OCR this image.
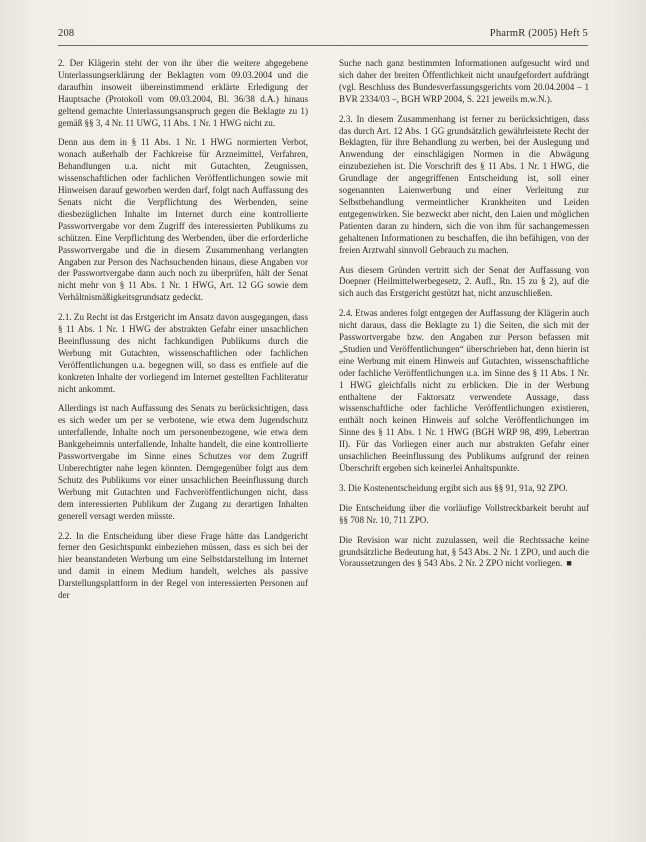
208	PharmR (2005) Heft 5

2. Der Klägerin steht der von ihr über die weitere abgegebene Unterlassungserklärung der Beklagten vom 09.03.2004 und die daraufhin insoweit übereinstimmend erklärte Erledigung der Hauptsache (Protokoll vom 09.03.2004, Bl. 36/38 d.A.) hinaus geltend gemachte Unterlassungsanspruch gegen die Beklagte zu 1) gemäß §§ 3, 4 Nr. 11 UWG, 11 Abs. 1 Nr. 1 HWG nicht zu.

Denn aus dem in § 11 Abs. 1 Nr. 1 HWG normierten Verbot, wonach außerhalb der Fachkreise für Arzneimittel, Verfahren, Behandlungen u.a. nicht mit Gutachten, Zeugnissen, wissenschaftlichen oder fachlichen Veröffentlichungen sowie mit Hinweisen darauf geworben werden darf, folgt nach Auffassung des Senats nicht die Verpflichtung des Werbenden, seine diesbezüglichen Inhalte im Internet durch eine kontrollierte Passwortvergabe vor dem Zugriff des interessierten Publikums zu schützen. Eine Verpflichtung des Werbenden, über die erforderliche Passwortvergabe und die in diesem Zusammenhang verlangten Angaben zur Person des Nachsuchenden hinaus, diese Angaben vor der Passwortvergabe dann auch noch zu überprüfen, hält der Senat nicht mehr von § 11 Abs. 1 Nr. 1 HWG, Art. 12 GG sowie dem Verhältnismäßigkeitsgrundsatz gedeckt.

2.1. Zu Recht ist das Erstgericht im Ansatz davon ausgegangen, dass § 11 Abs. 1 Nr. 1 HWG der abstrakten Gefahr einer unsachlichen Beeinflussung des nicht fachkundigen Publikums durch die Werbung mit Gutachten, wissenschaftlichen oder fachlichen Veröffentlichungen u.a. begegnen will, so dass es entfiele auf die konkreten Inhalte der vorliegend im Internet gestellten Fachliteratur nicht ankommt.

Allerdings ist nach Auffassung des Senats zu berücksichtigen, dass es sich weder um per se verbotene, wie etwa dem Jugendschutz unterfallende, Inhalte noch um personenbezogene, wie etwa dem Bankgeheimnis unterfallende, Inhalte handelt, die eine kontrollierte Passwortvergabe im Sinne eines Schutzes vor dem Zugriff Unberechtigter nahe legen könnten. Demgegenüber folgt aus dem Schutz des Publikums vor einer unsachlichen Beeinflussung durch Werbung mit Gutachten und Fachveröffentlichungen nicht, dass dem interessierten Publikum der Zugang zu derartigen Inhalten generell versagt werden müsste.

2.2. In die Entscheidung über diese Frage hätte das Landgericht ferner den Gesichtspunkt einbeziehen müssen, dass es sich bei der hier beanstandeten Werbung um eine Selbstdarstellung im Internet und damit in einem Medium handelt, welches als passive Darstellungsplattform in der Regel von interessierten Personen auf der

Suche nach ganz bestimmten Informationen aufgesucht wird und sich daher der breiten Öffentlichkeit nicht unaufgefordert aufdrängt (vgl. Beschluss des Bundesverfassungsgerichts vom 20.04.2004 – 1 BVR 2334/03 –, BGH WRP 2004, S. 221 jeweils m.w.N.).

2.3. In diesem Zusammenhang ist ferner zu berücksichtigen, dass das durch Art. 12 Abs. 1 GG grundsätzlich gewährleistete Recht der Beklagten, für ihre Behandlung zu werben, bei der Auslegung und Anwendung der einschlägigen Normen in die Abwägung einzubeziehen ist. Die Vorschrift des § 11 Abs. 1 Nr. 1 HWG, die Grundlage der angegriffenen Entscheidung ist, soll einer sogenannten Laienwerbung und einer Verleitung zur Selbstbehandlung vermeintlicher Krankheiten und Leiden entgegenwirken. Sie bezweckt aber nicht, den Laien und möglichen Patienten daran zu hindern, sich die von ihm für sachangemessen gehaltenen Informationen zu beschaffen, die ihn befähigen, von der freien Arztwahl sinnvoll Gebrauch zu machen.

Aus diesem Gründen vertritt sich der Senat der Auffassung von Doepner (Heilmittelwerbegesetz, 2. Aufl., Rn. 15 zu § 2), auf die sich auch das Erstgericht gestützt hat, nicht anzuschließen.

2.4. Etwas anderes folgt entgegen der Auffassung der Klägerin auch nicht daraus, dass die Beklagte zu 1) die Seiten, die sich mit der Passwortvergabe bzw. den Angaben zur Person befassen mit „Studien und Veröffentlichungen“ überschrieben hat, denn hierin ist eine Werbung mit einem Hinweis auf Gutachten, wissenschaftliche oder fachliche Veröffentlichungen u.a. im Sinne des § 11 Abs. 1 Nr. 1 HWG gleichfalls nicht zu erblicken. Die in der Werbung enthaltene der Faktorsatz verwendete Aussage, dass wissenschaftliche oder fachliche Veröffentlichungen existieren, enthält noch keinen Hinweis auf solche Veröffentlichungen im Sinne des § 11 Abs. 1 Nr. 1 HWG (BGH WRP 98, 499, Lebertran II). Für das Vorliegen einer auch nur abstrakten Gefahr einer unsachlichen Beeinflussung des Publikums aufgrund der reinen Überschrift ergeben sich keinerlei Anhaltspunkte.

3. Die Kostenentscheidung ergibt sich aus §§ 91, 91a, 92 ZPO.

Die Entscheidung über die vorläufige Vollstreckbarkeit beruht auf §§ 708 Nr. 10, 711 ZPO.

Die Revision war nicht zuzulassen, weil die Rechtssache keine grundsätzliche Bedeutung hat, § 543 Abs. 2 Nr. 1 ZPO, und auch die Voraussetzungen des § 543 Abs. 2 Nr. 2 ZPO nicht vorliegen. ■
